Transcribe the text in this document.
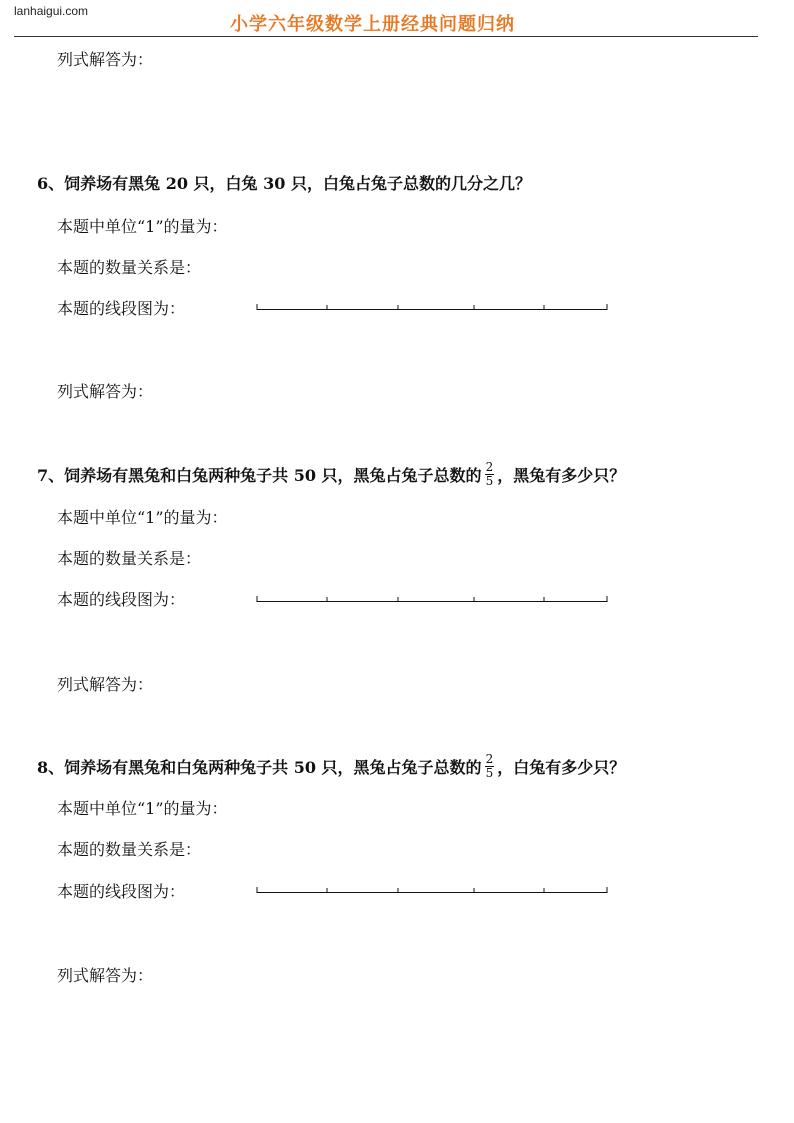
lanhaigui.com
小学六年级数学上册经典问题归纳
列式解答为：
6、饲养场有黑兔 20 只，白兔 30 只，白兔占兔子总数的几分之几？
本题中单位“1”的量为：
本题的数量关系是：
本题的线段图为：
列式解答为：
7、饲养场有黑兔和白兔两种兔子共 50 只，黑兔占兔子总数的 $\frac{2}{5}$ ，黑兔有多少只？
本题中单位“1”的量为：
本题的数量关系是：
本题的线段图为：
列式解答为：
8、饲养场有黑兔和白兔两种兔子共 50 只，黑兔占兔子总数的 $\frac{2}{5}$ ，白兔有多少只？
本题中单位“1”的量为：
本题的数量关系是：
本题的线段图为：
列式解答为：
